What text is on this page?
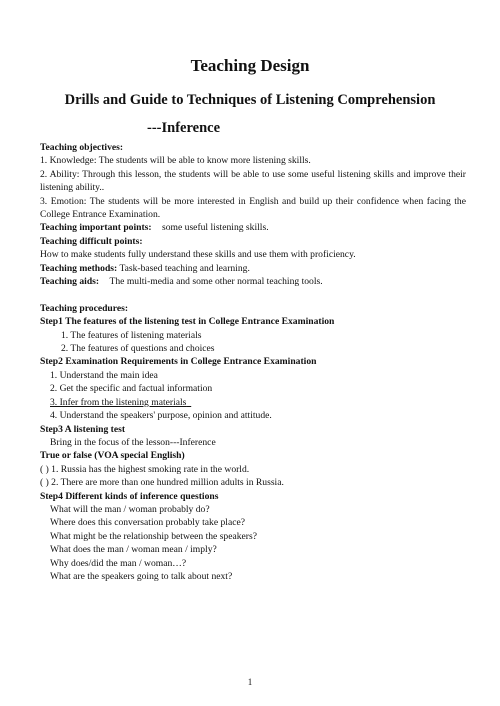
Teaching Design
Drills and Guide to Techniques of Listening Comprehension
---Inference
Teaching objectives:
1. Knowledge: The students will be able to know more listening skills.
2. Ability: Through this lesson, the students will be able to use some useful listening skills and improve their listening ability..
3. Emotion: The students will be more interested in English and build up their confidence when facing the College Entrance Examination.
Teaching important points: some useful listening skills.
Teaching difficult points:
How to make students fully understand these skills and use them with proficiency.
Teaching methods: Task-based teaching and learning.
Teaching aids: The multi-media and some other normal teaching tools.
Teaching procedures:
Step1 The features of the listening test in College Entrance Examination
1. The features of listening materials
2. The features of questions and choices
Step2 Examination Requirements in College Entrance Examination
1. Understand the main idea
2. Get the specific and factual information
3. Infer from the listening materials
4. Understand the speakers' purpose, opinion and attitude.
Step3 A listening test
Bring in the focus of the lesson---Inference
True or false (VOA special English)
( ) 1. Russia has the highest smoking rate in the world.
( ) 2. There are more than one hundred million adults in Russia.
Step4 Different kinds of inference questions
What will the man / woman probably do?
Where does this conversation probably take place?
What might be the relationship between the speakers?
What does the man / woman mean / imply?
Why does/did the man / woman…?
What are the speakers going to talk about next?
1
